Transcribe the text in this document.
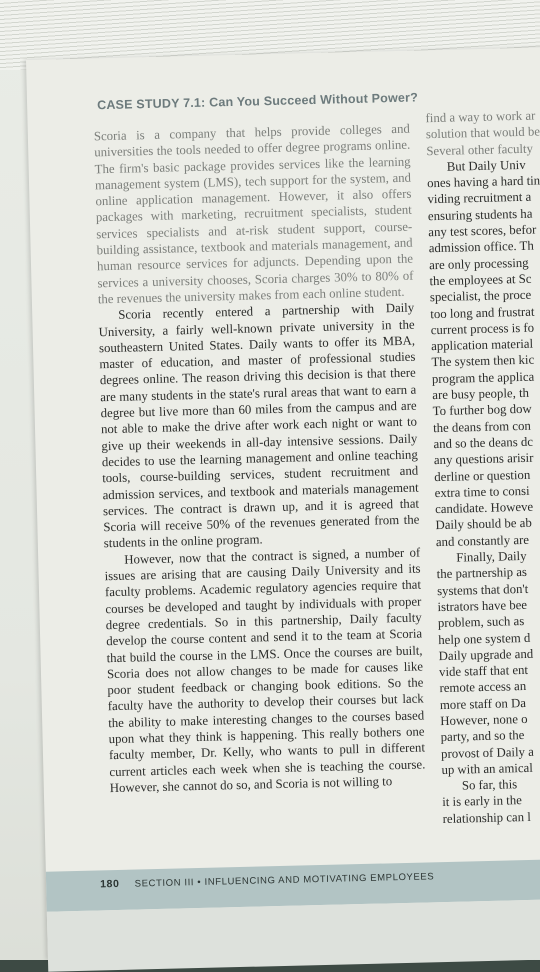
CASE STUDY 7.1: Can You Succeed Without Power?

Scoria is a company that helps provide colleges and universities the tools needed to offer degree programs online. The firm's basic package provides services like the learning management system (LMS), tech support for the system, and online application management. However, it also offers packages with marketing, recruitment specialists, student services specialists and at-risk student support, course-building assistance, textbook and materials management, and human resource services for adjuncts. Depending upon the services a university chooses, Scoria charges 30% to 80% of the revenues the university makes from each online student.

Scoria recently entered a partnership with Daily University, a fairly well-known private university in the southeastern United States. Daily wants to offer its MBA, master of education, and master of professional studies degrees online. The reason driving this decision is that there are many students in the state's rural areas that want to earn a degree but live more than 60 miles from the campus and are not able to make the drive after work each night or want to give up their weekends in all-day intensive sessions. Daily decides to use the learning management and online teaching tools, course-building services, student recruitment and admission services, and textbook and materials management services. The contract is drawn up, and it is agreed that Scoria will receive 50% of the revenues generated from the students in the online program.

However, now that the contract is signed, a number of issues are arising that are causing Daily University and its faculty problems. Academic regulatory agencies require that courses be developed and taught by individuals with proper degree credentials. So in this partnership, Daily faculty develop the course content and send it to the team at Scoria that build the course in the LMS. Once the courses are built, Scoria does not allow changes to be made for causes like poor student feedback or changing book editions. So the faculty have the authority to develop their courses but lack the ability to make interesting changes to the courses based upon what they think is happening. This really bothers one faculty member, Dr. Kelly, who wants to pull in different current articles each week when she is teaching the course. However, she cannot do so, and Scoria is not willing to

find a way to work ar
solution that would be
Several other faculty
But Daily Univ
ones having a hard tin
viding recruitment a
ensuring students ha
any test scores, befor
admission office. Th
are only processing
the employees at Sc
specialist, the proce
too long and frustrat
current process is fo
application material
The system then kic
program the applica
are busy people, th
To further bog dow
the deans from con
and so the deans dc
any questions arisir
derline or question
extra time to consi
candidate. Howeve
Daily should be ab
and constantly are
Finally, Daily
the partnership as
systems that don't
istrators have bee
problem, such as
help one system d
Daily upgrade and
vide staff that ent
remote access an
more staff on Da
However, none o
party, and so the
provost of Daily a
up with an amical
So far, this
it is early in the
relationship can l
180 SECTION III • INFLUENCING AND MOTIVATING EMPLOYEES
